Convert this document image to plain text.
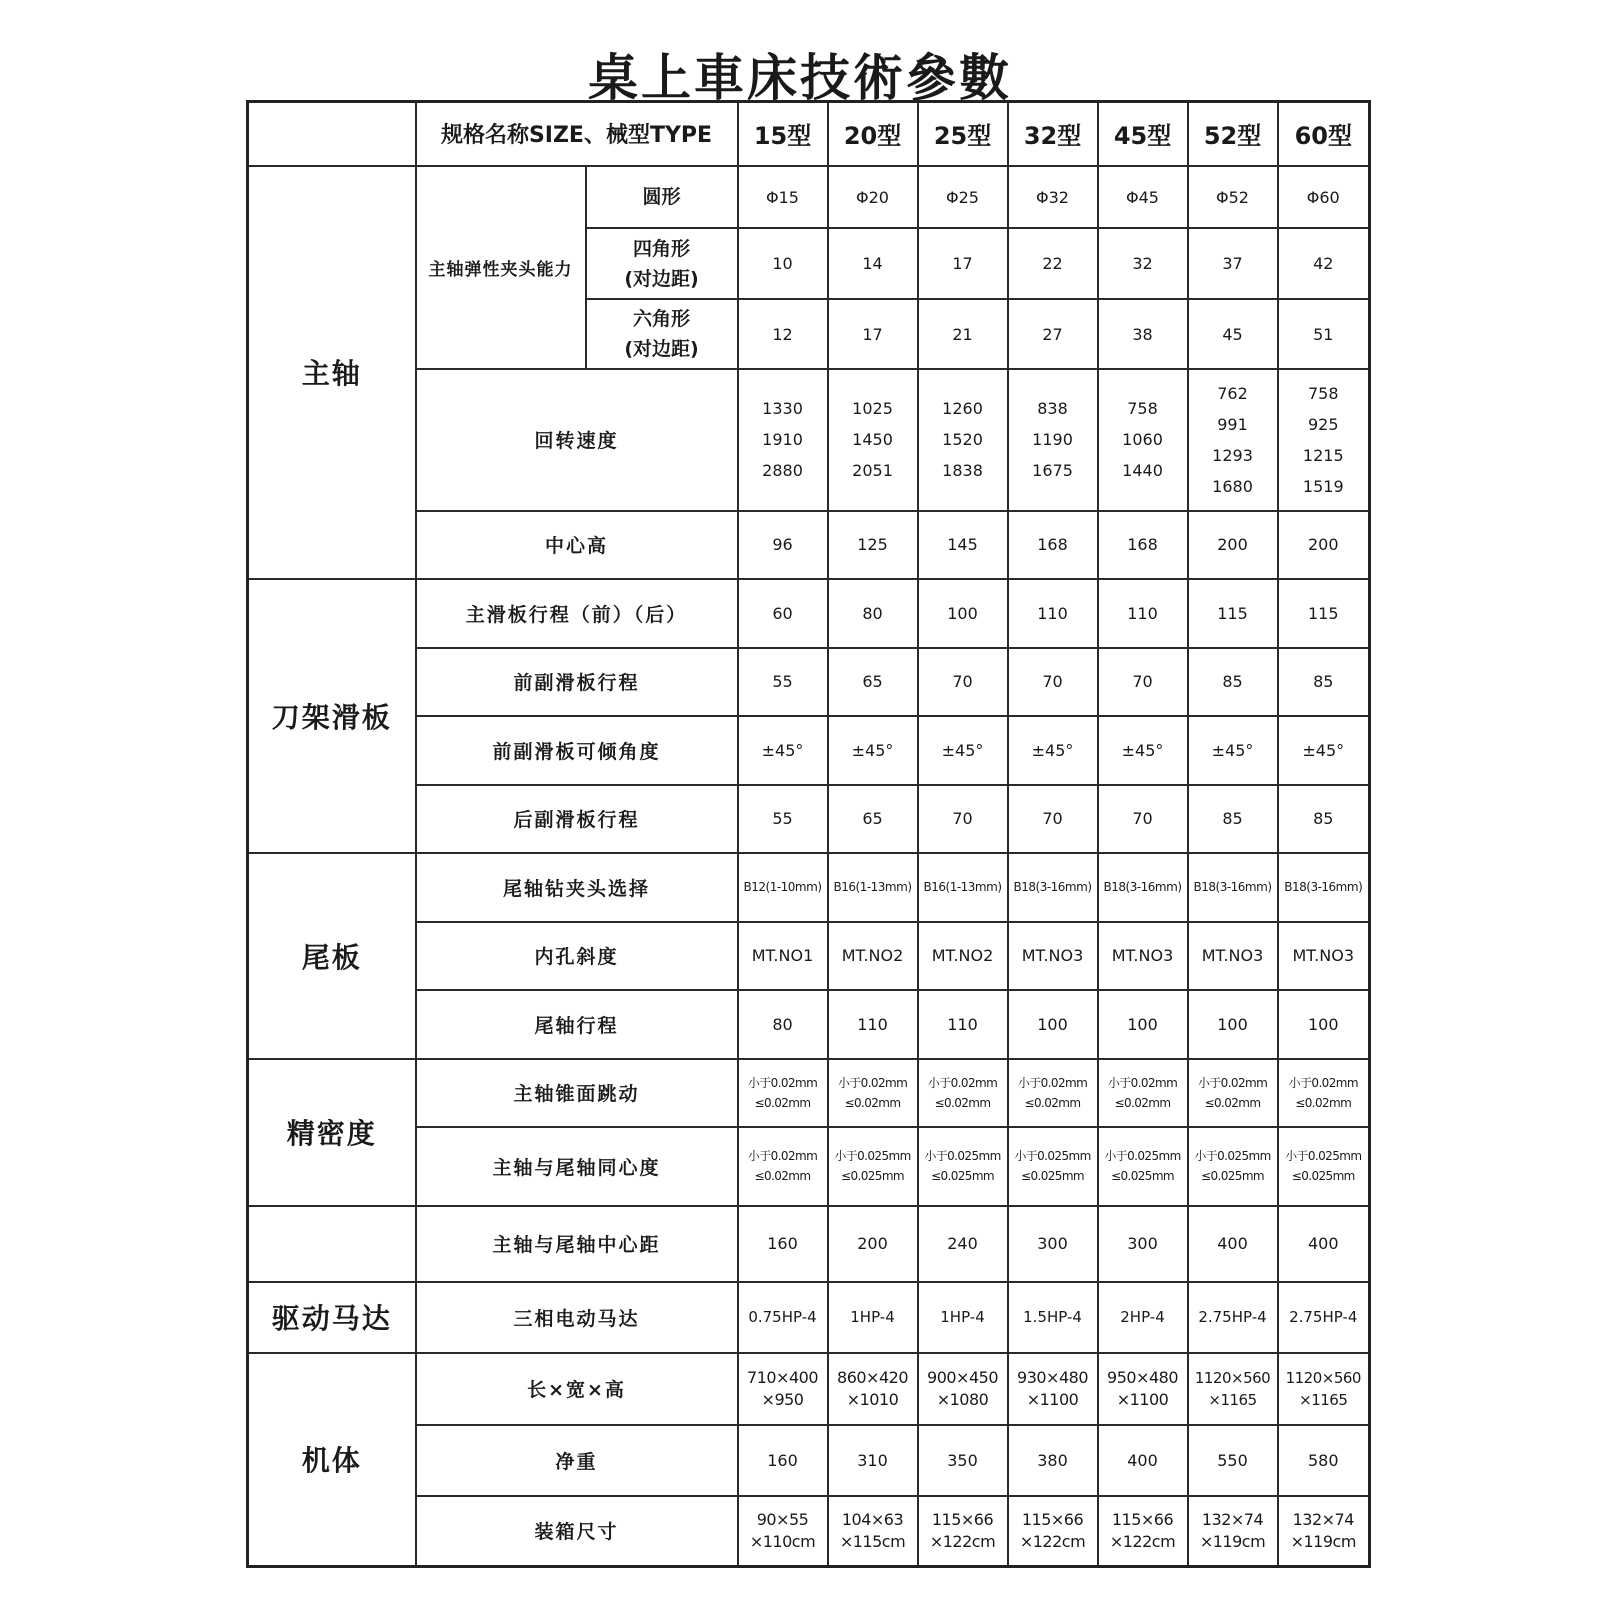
桌上車床技術參數
	规格名称SIZE、械型TYPE		15型	20型	25型	32型	45型	52型	60型
主轴	主轴弹性夹头能力	圆形	Φ15	Φ20	Φ25	Φ32	Φ45	Φ52	Φ60

		四角形
(对边距)	10	14	17	22	32	37	42

		六角形
(对边距)	12	17	21	27	38	45	51
	回转速度		1330
1910
2880	1025
1450
2051	1260
1520
1838	838
1190
1675	758
1060
1440	762
991
1293
1680	758
925
1215
1519

	中心高		96	125	145	168	168	200	200
刀架滑板	主滑板行程（前）（后）		60	80	100	110	110	115	115
	前副滑板行程		55	65	70	70	70	85	85
	前副滑板可倾角度		±45°	±45°	±45°	±45°	±45°	±45°	±45°
	后副滑板行程		55	65	70	70	70	85	85
尾板	尾轴钻夹头选择		B12(1-10mm)	B16(1-13mm)	B16(1-13mm)	B18(3-16mm)	B18(3-16mm)	B18(3-16mm)	B18(3-16mm)
	内孔斜度		MT.NO1	MT.NO2	MT.NO2	MT.NO3	MT.NO3	MT.NO3	MT.NO3
	尾轴行程		80	110	110	100	100	100	100
精密度	主轴锥面跳动		小于0.02mm
≤0.02mm	小于0.02mm
≤0.02mm	小于0.02mm
≤0.02mm	小于0.02mm
≤0.02mm	小于0.02mm
≤0.02mm	小于0.02mm
≤0.02mm	小于0.02mm
≤0.02mm

	主轴与尾轴同心度		小于0.02mm
≤0.02mm	小于0.025mm
≤0.025mm	小于0.025mm
≤0.025mm	小于0.025mm
≤0.025mm	小于0.025mm
≤0.025mm	小于0.025mm
≤0.025mm	小于0.025mm
≤0.025mm

	主轴与尾轴中心距		160	200	240	300	300	400	400
驱动马达	三相电动马达		0.75HP-4	1HP-4	1HP-4	1.5HP-4	2HP-4	2.75HP-4	2.75HP-4
机体	长×宽×高		710×400
×950	860×420
×1010	900×450
×1080	930×480
×1100	950×480
×1100	1120×560
×1165	1120×560
×1165

	净重		160	310	350	380	400	550	580
	装箱尺寸		90×55
×110cm	104×63
×115cm	115×66
×122cm	115×66
×122cm	115×66
×122cm	132×74
×119cm	132×74
×119cm
